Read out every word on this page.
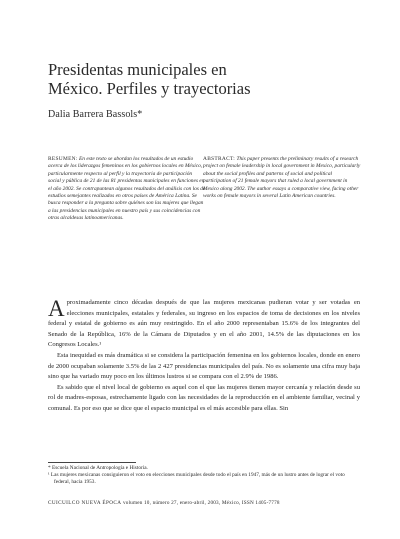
Presidentas municipales en
México. Perfiles y trayectorias
Dalia Barrera Bassols*
RESUMEN: En este texto se abordan los resultados de un estudio acerca de los liderazgos femeninos en los gobiernos locales en México, particularmente respecto al perfil y la trayectoria de participación social y pública de 21 de las 81 presidentas municipales en funciones en el año 2002. Se contrapuntean algunos resultados del análisis con los de estudios semejantes realizados en otros países de América Latina. Se busca responder a la pregunta sobre quiénes son las mujeres que llegan a las presidencias municipales en nuestro país y sus coincidencias con otras alcaldesas latinoamericanas.
ABSTRACT: This paper presents the preliminary results of a research project on female leadership in local government in Mexico, particularly about the social profiles and patterns of social and political participation of 21 female mayors that ruled a local government in Mexico along 2002. The author essays a comparative view, facing other works on female mayors in several Latin American countries.

Aproximadamente cinco décadas después de que las mujeres mexicanas pudieran votar y ser votadas en elecciones municipales, estatales y federales, su ingreso en los espacios de toma de decisiones en los niveles federal y estatal de gobierno es aún muy restringido. En el año 2000 representaban 15.6% de los integrantes del Senado de la República, 16% de la Cámara de Diputados y en el año 2001, 14.5% de las diputaciones en los Congresos Locales.¹

Esta inequidad es más dramática si se considera la participación femenina en los gobiernos locales, donde en enero de 2000 ocupaban solamente 3.5% de las 2 427 presidencias municipales del país. No es solamente una cifra muy baja sino que ha variado muy poco en los últimos lustros si se compara con el 2.9% de 1986.

Es sabido que el nivel local de gobierno es aquel con el que las mujeres tienen mayor cercanía y relación desde su rol de madres-esposas, estrechamente ligado con las necesidades de la reproducción en el ambiente familiar, vecinal y comunal. Es por eso que se dice que el espacio municipal es el más accesible para ellas. Sin

* Escuela Nacional de Antropología e Historia.

¹ Las mujeres mexicanas consiguieron el voto en elecciones municipales desde todo el país en 1947, más de un lustro antes de lograr el voto federal, hacia 1953.

CUICUILCO NUEVA ÉPOCA volumen 10, número 27, enero-abril, 2003, México, ISSN 1405-7778
